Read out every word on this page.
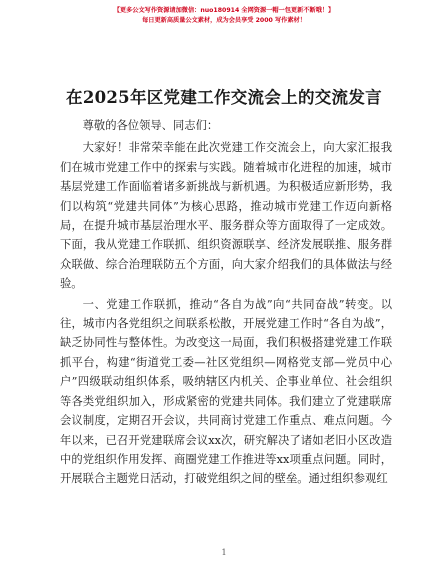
【更多公文写作资源请加微信：nuo180914 全网资源一帽一包更新不断哦！】
每日更新高质量公文素材，成为会员享受 2000 写作素材！
在2025年区党建工作交流会上的交流发言

尊敬的各位领导、同志们：

大家好！非常荣幸能在此次党建工作交流会上，向大家汇报我们在城市党建工作中的探索与实践。随着城市化进程的加速，城市基层党建工作面临着诸多新挑战与新机遇。为积极适应新形势，我们以构筑“党建共同体”为核心思路，推动城市党建工作迈向新格局，在提升城市基层治理水平、服务群众等方面取得了一定成效。下面，我从党建工作联抓、组织资源联享、经济发展联推、服务群众联做、综合治理联防五个方面，向大家介绍我们的具体做法与经验。

一、党建工作联抓，推动“各自为战”向“共同奋战”转变。以往，城市内各党组织之间联系松散，开展党建工作时“各自为战”，缺乏协同性与整体性。为改变这一局面，我们积极搭建党建工作联抓平台，构建“街道党工委—社区党组织—网格党支部—党员中心户”四级联动组织体系，吸纳辖区内机关、企事业单位、社会组织等各类党组织加入，形成紧密的党建共同体。我们建立了党建联席会议制度，定期召开会议，共同商讨党建工作重点、难点问题。今年以来，已召开党建联席会议xx次，研究解决了诸如老旧小区改造中的党组织作用发挥、商圈党建工作推进等xx项重点问题。同时，开展联合主题党日活动，打破党组织之间的壁垒。通过组织参观红

1
